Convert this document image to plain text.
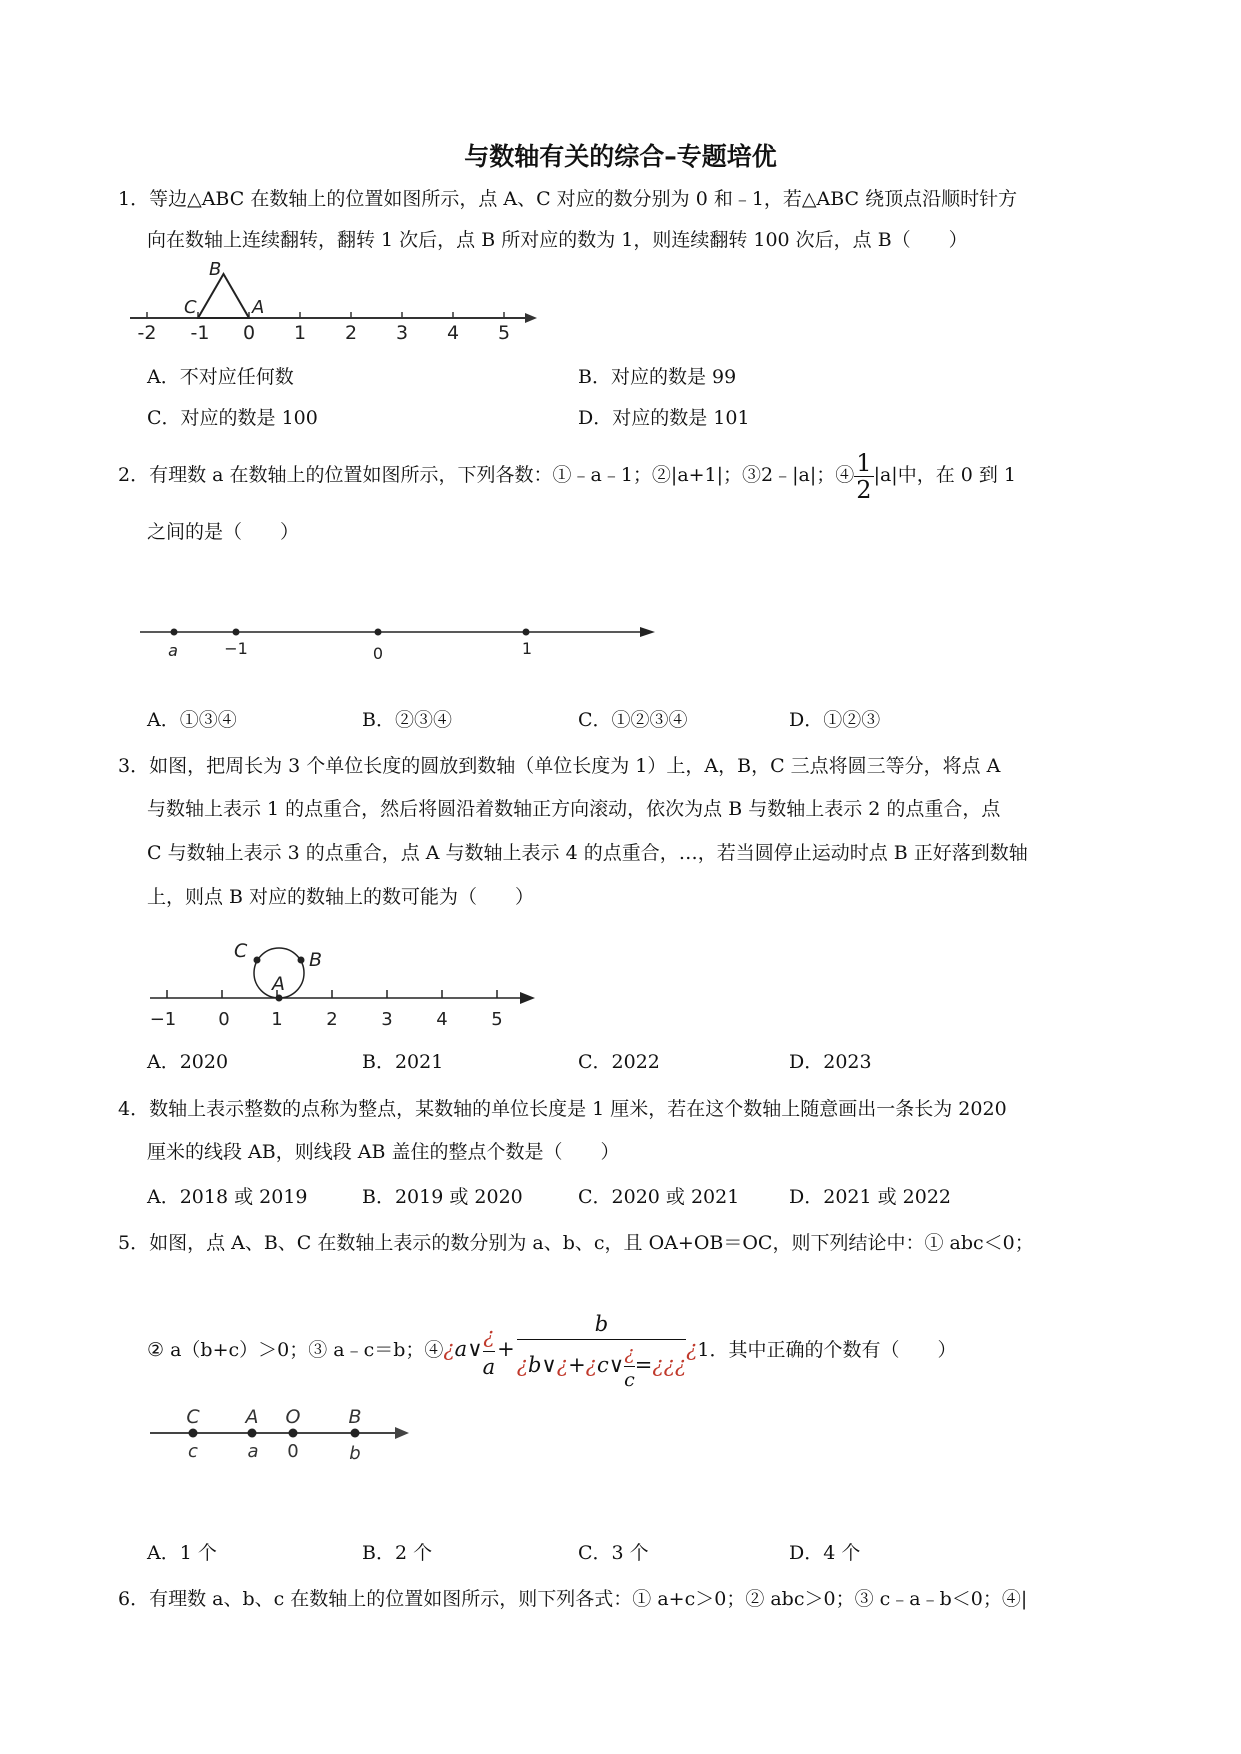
与数轴有关的综合–专题培优
1．等边△ABC 在数轴上的位置如图所示，点 A、C 对应的数分别为 0 和﹣1，若△ABC 绕顶点沿顺时针方
向在数轴上连续翻转，翻转 1 次后，点 B 所对应的数为 1，则连续翻转 100 次后，点 B（　　）
-2 -1 0 1 2 3 4 5
B
C	A
A．不对应任何数	B．对应的数是 99
C．对应的数是 100	D．对应的数是 101
2．有理数 a 在数轴上的位置如图所示，下列各数：①﹣a﹣1；②|a+1|；③2﹣|a|；④ $\frac{1}{2} |a|$中，在 0 到 1
之间的是（　　）
a	−1	0	1
A．①③④	B．②③④	C．①②③④	D．①②③
3．如图，把周长为 3 个单位长度的圆放到数轴（单位长度为 1）上，A，B，C 三点将圆三等分，将点 A
与数轴上表示 1 的点重合，然后将圆沿着数轴正方向滚动，依次为点 B 与数轴上表示 2 的点重合，点
C 与数轴上表示 3 的点重合，点 A 与数轴上表示 4 的点重合，…，若当圆停止运动时点 B 正好落到数轴
上，则点 B 对应的数轴上的数可能为（　　）
C	B
A
−1 0 1 2 3 4 5
A．2020	B．2021	C．2022	D．2023
4．数轴上表示整数的点称为整点，某数轴的单位长度是 1 厘米，若在这个数轴上随意画出一条长为 2020
厘米的线段 AB，则线段 AB 盖住的整点个数是（　　）
A．2018 或 2019	B．2019 或 2020	C．2020 或 2021	D．2021 或 2022
5．如图，点 A、B、C 在数轴上表示的数分别为 a、b、c，且 OA+OB＝OC，则下列结论中：① abc＜0；
② a（b+c）＞0；③ a﹣c＝b；④¿a∨ $\frac{¿}{a} + \frac{b}{¿b\vee¿+¿c\vee \frac{¿}{c} =¿¿¿}$ ¿1．其中正确的个数有（　　）
C A O	B
c	a 0	b
A．1 个	B．2 个	C．3 个	D．4 个
6．有理数 a、b、c 在数轴上的位置如图所示，则下列各式：① a+c＞0；② abc＞0；③ c﹣a﹣b＜0；④|
